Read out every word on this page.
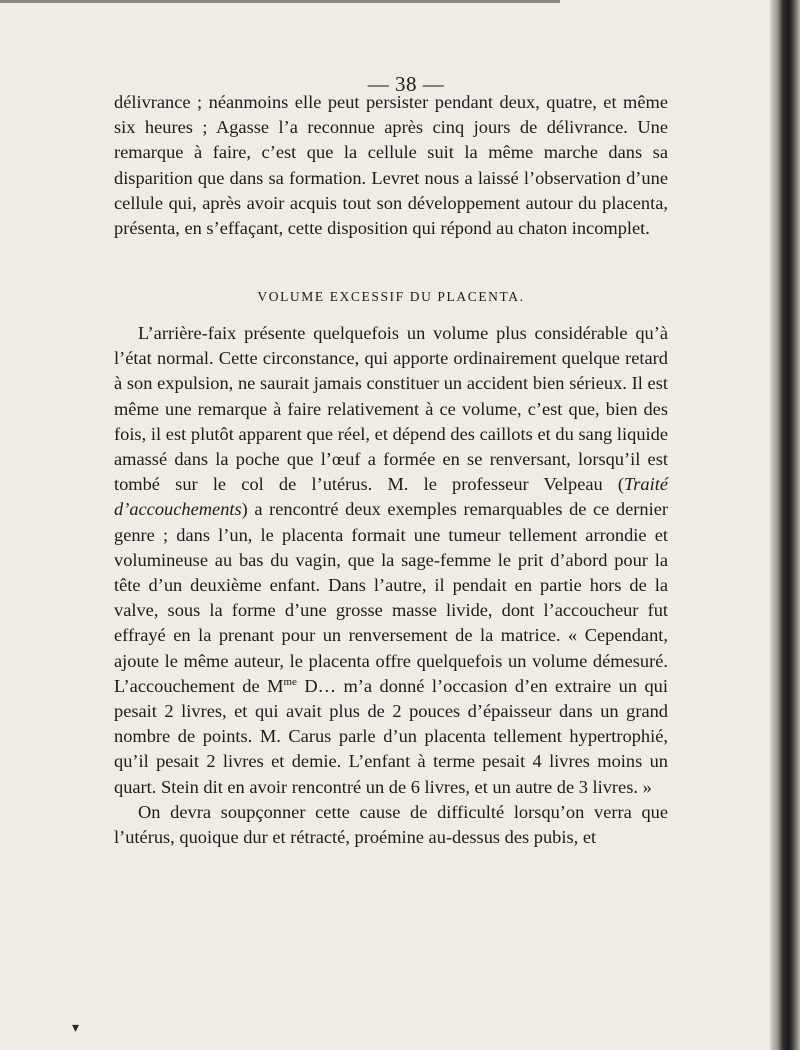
— 38 —

délivrance ; néanmoins elle peut persister pendant deux, quatre, et même six heures ; Agasse l’a reconnue après cinq jours de délivrance. Une remarque à faire, c’est que la cellule suit la même marche dans sa disparition que dans sa formation. Levret nous a laissé l’observation d’une cellule qui, après avoir acquis tout son développement autour du placenta, présenta, en s’effaçant, cette disposition qui répond au chaton incomplet.

VOLUME EXCESSIF DU PLACENTA.

L’arrière-faix présente quelquefois un volume plus considérable qu’à l’état normal. Cette circonstance, qui apporte ordinairement quelque retard à son expulsion, ne saurait jamais constituer un accident bien sérieux. Il est même une remarque à faire relativement à ce volume, c’est que, bien des fois, il est plutôt apparent que réel, et dépend des caillots et du sang liquide amassé dans la poche que l’œuf a formée en se renversant, lorsqu’il est tombé sur le col de l’utérus. M. le professeur Velpeau (Traité d’accouchements) a rencontré deux exemples remarquables de ce dernier genre ; dans l’un, le placenta formait une tumeur tellement arrondie et volumineuse au bas du vagin, que la sage-femme le prit d’abord pour la tête d’un deuxième enfant. Dans l’autre, il pendait en partie hors de la valve, sous la forme d’une grosse masse livide, dont l’accoucheur fut effrayé en la prenant pour un renversement de la matrice. « Cependant, ajoute le même auteur, le placenta offre quelquefois un volume démesuré. L’accouchement de $M^{me}$ D… m’a donné l’occasion d’en extraire un qui pesait 2 livres, et qui avait plus de 2 pouces d’épaisseur dans un grand nombre de points. M. Carus parle d’un placenta tellement hypertrophié, qu’il pesait 2 livres et demie. L’enfant à terme pesait 4 livres moins un quart. Stein dit en avoir rencontré un de 6 livres, et un autre de 3 livres. »

On devra soupçonner cette cause de difficulté lorsqu’on verra que l’utérus, quoique dur et rétracté, proémine au-dessus des pubis, et

▾
